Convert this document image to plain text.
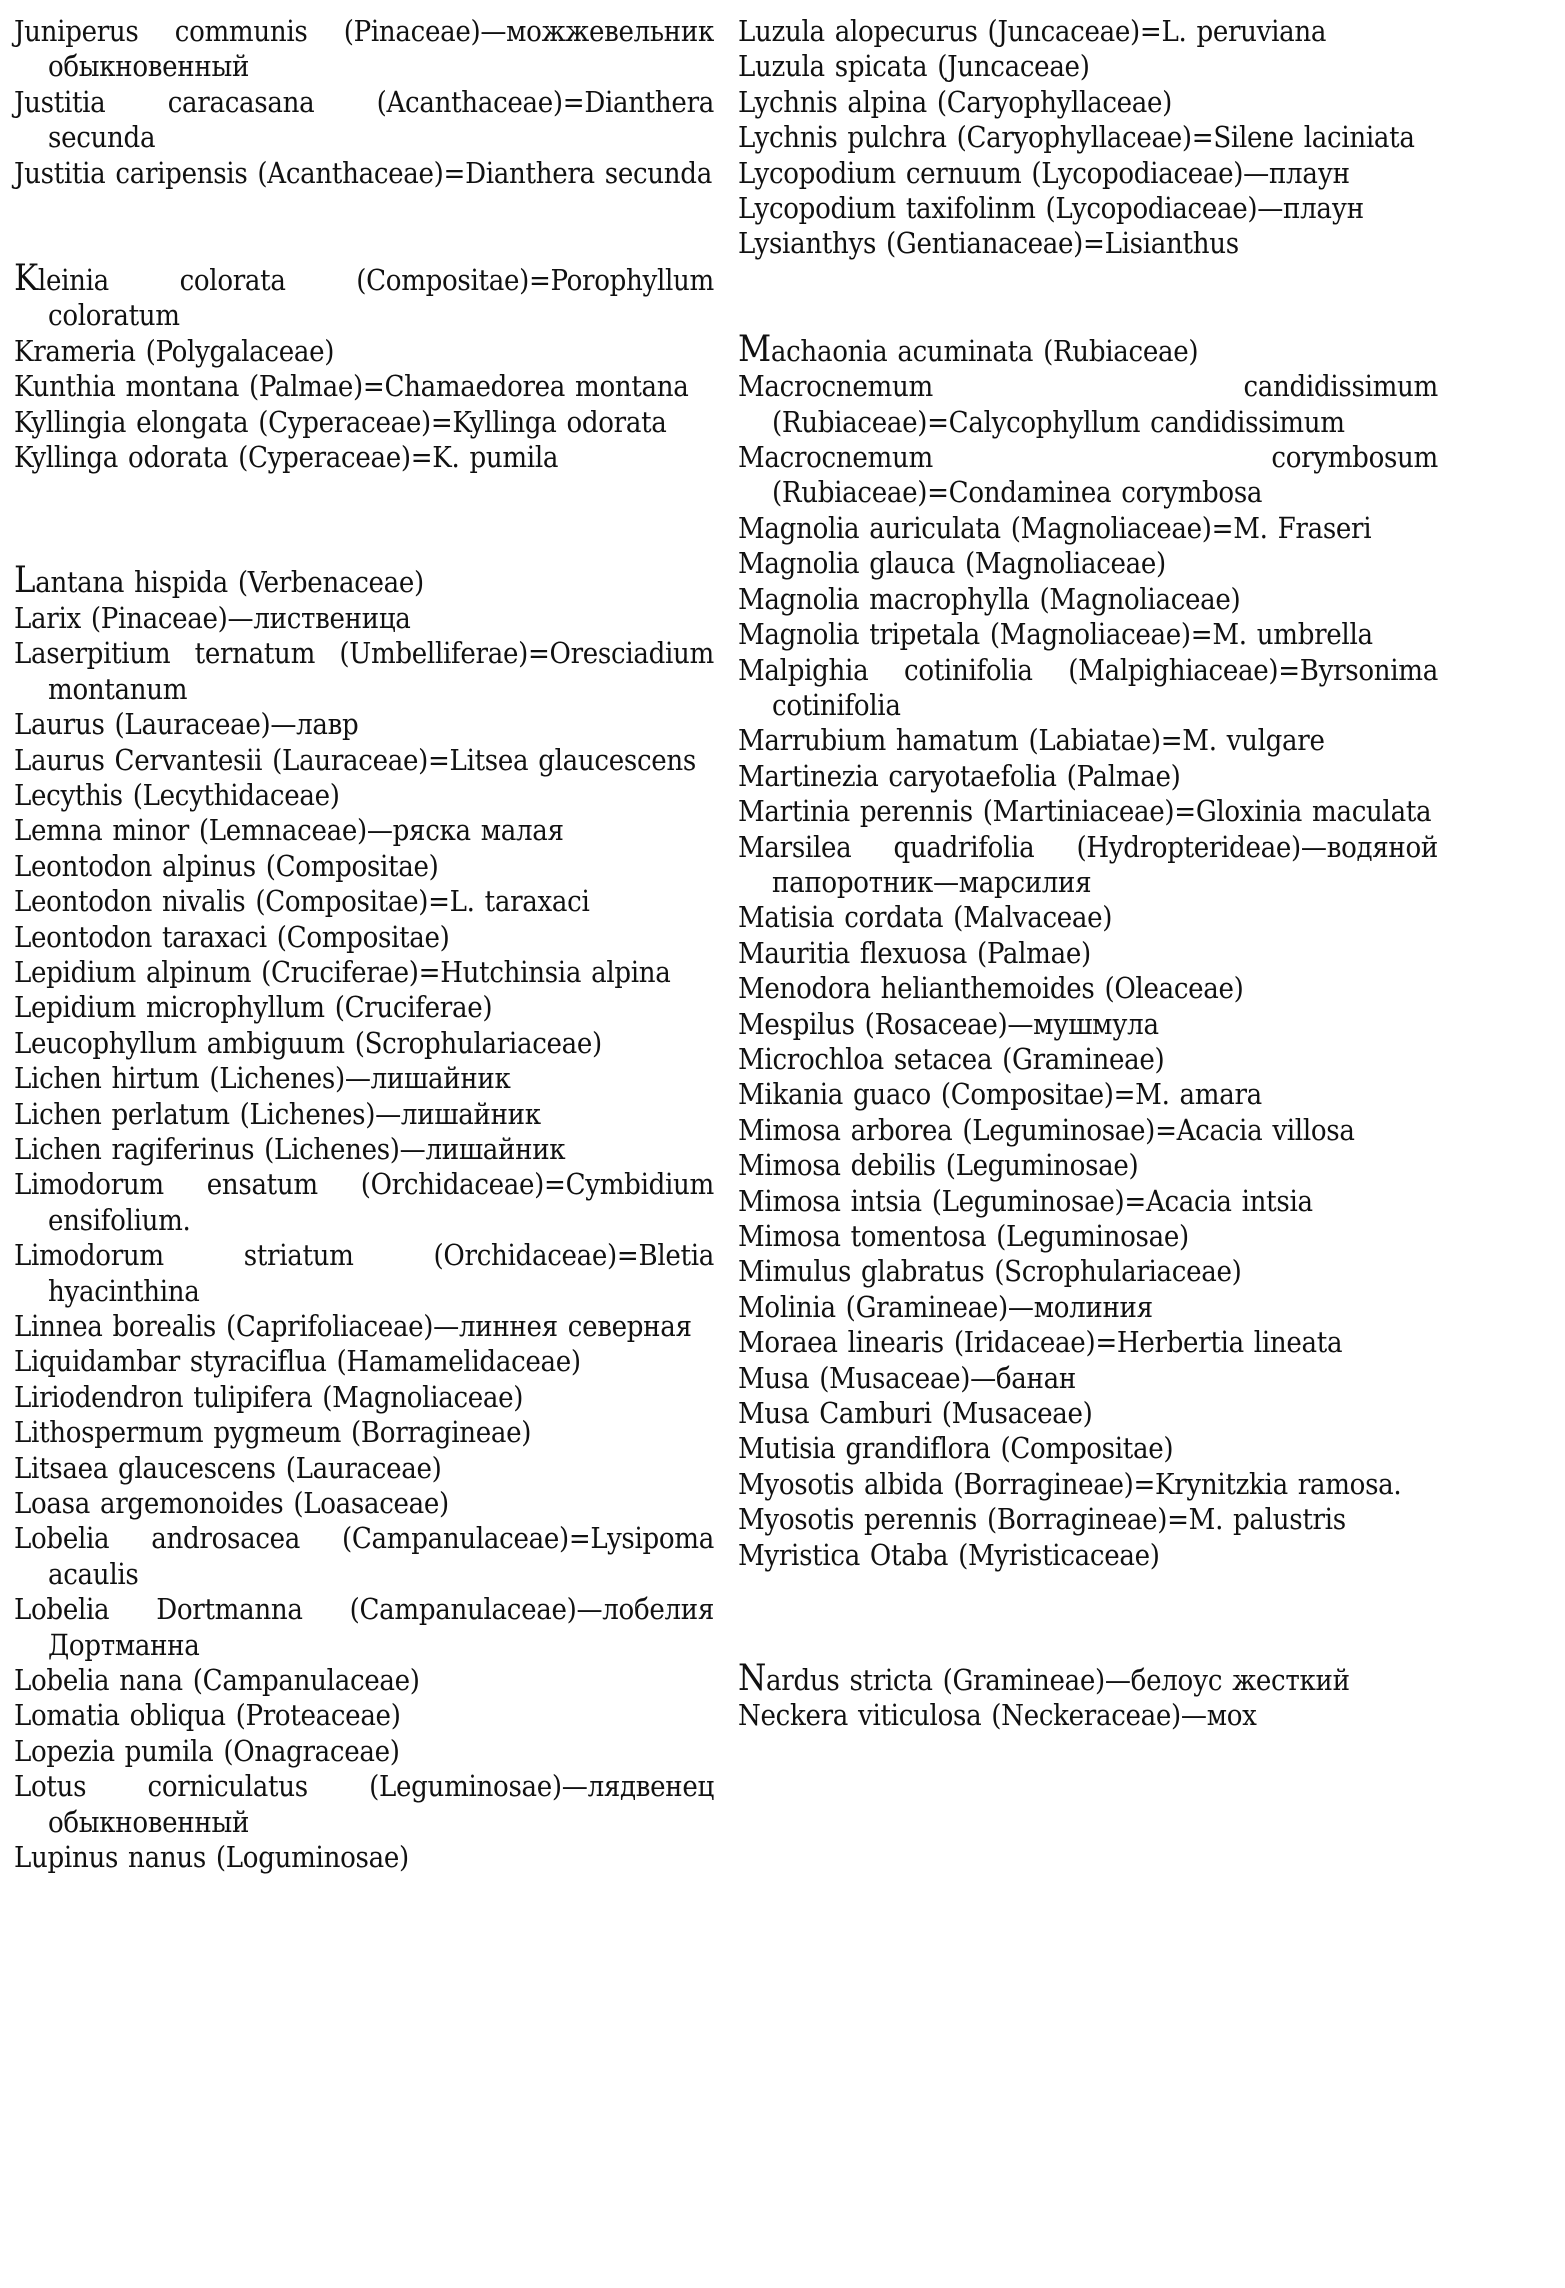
Juniperus communis (Pinaceae)—можжевельник обыкновенный

Justitia caracasana (Acanthaceae)=Dianthera secunda

Justitia caripensis (Acanthaceae)=Dianthera secunda

Kleinia colorata (Compositae)=Porophyllum coloratum

Krameria (Polygalaceae)

Kunthia montana (Palmae)=Chamaedorea montana

Kyllingia elongata (Cyperaceae)=Kyllinga odorata

Kyllinga odorata (Cyperaceae)=K. pumila

Lantana hispida (Verbenaceae)

Larix (Pinaceae)—лиственица

Laserpitium ternatum (Umbelliferae)=Oresciadium montanum

Laurus (Lauraceae)—лавр

Laurus Cervantesii (Lauraceae)=Litsea glaucescens

Lecythis (Lecythidaceae)

Lemna minor (Lemnaceae)—ряска малая

Leontodon alpinus (Compositae)

Leontodon nivalis (Compositae)=L. taraxaci

Leontodon taraxaci (Compositae)

Lepidium alpinum (Cruciferae)=Hutchinsia alpina

Lepidium microphyllum (Cruciferae)

Leucophyllum ambiguum (Scrophulariaceae)

Lichen hirtum (Lichenes)—лишайник

Lichen perlatum (Lichenes)—лишайник

Lichen ragiferinus (Lichenes)—лишайник

Limodorum ensatum (Orchidaceae)=Cymbidium ensifolium.

Limodorum striatum (Orchidaceae)=Bletia hyacinthina

Linnea borealis (Caprifoliaceae)—линнея северная

Liquidambar styraciflua (Hamamelidaceae)

Liriodendron tulipifera (Magnoliaceae)

Lithospermum pygmeum (Borragineae)

Litsaea glaucescens (Lauraceae)

Loasa argemonoides (Loasaceae)

Lobelia androsacea (Campanulaceae)=Lysipoma acaulis

Lobelia Dortmanna (Campanulaceae)—лобелия Дортманна

Lobelia nana (Campanulaceae)

Lomatia obliqua (Proteaceae)

Lopezia pumila (Onagraceae)

Lotus corniculatus (Leguminosae)—лядвенец обыкновенный

Lupinus nanus (Loguminosae)

Luzula alopecurus (Juncaceae)=L. peruviana

Luzula spicata (Juncaceae)

Lychnis alpina (Caryophyllaceae)

Lychnis pulchra (Caryophyllaceae)=Silene laciniata

Lycopodium cernuum (Lycopodiaceae)—плаун

Lycopodium taxifolinm (Lycopodiaceae)—плаун

Lysianthys (Gentianaceae)=Lisianthus

Machaonia acuminata (Rubiaceae)

Macrocnemum candidissimum (Rubiaceae)=Calycophyllum candidissimum

Macrocnemum corymbosum (Rubiaceae)=Condaminea corymbosa

Magnolia auriculata (Magnoliaceae)=M. Fraseri

Magnolia glauca (Magnoliaceae)

Magnolia macrophylla (Magnoliaceae)

Magnolia tripetala (Magnoliaceae)=M. umbrella

Malpighia cotinifolia (Malpighiaceae)=Byrsonima cotinifolia

Marrubium hamatum (Labiatae)=M. vulgare

Martinezia caryotaefolia (Palmae)

Martinia perennis (Martiniaceae)=Gloxinia maculata

Marsilea quadrifolia (Hydropterideae)—водяной папоротник—марсилия

Matisia cordata (Malvaceae)

Mauritia flexuosa (Palmae)

Menodora helianthemoides (Oleaceae)

Mespilus (Rosaceae)—мушмула

Microchloa setacea (Gramineae)

Mikania guaco (Compositae)=M. amara

Mimosa arborea (Leguminosae)=Acacia villosa

Mimosa debilis (Leguminosae)

Mimosa intsia (Leguminosae)=Acacia intsia

Mimosa tomentosa (Leguminosae)

Mimulus glabratus (Scrophulariaceae)

Molinia (Gramineae)—молиния

Moraea linearis (Iridaceae)=Herbertia lineata

Musa (Musaceae)—банан

Musa Camburi (Musaceae)

Mutisia grandiflora (Compositae)

Myosotis albida (Borragineae)=Krynitzkia ramosa.

Myosotis perennis (Borragineae)=M. palustris

Myristica Otaba (Myristicaceae)

Nardus stricta (Gramineae)—белоус жесткий

Neckera viticulosa (Neckeraceae)—мох
